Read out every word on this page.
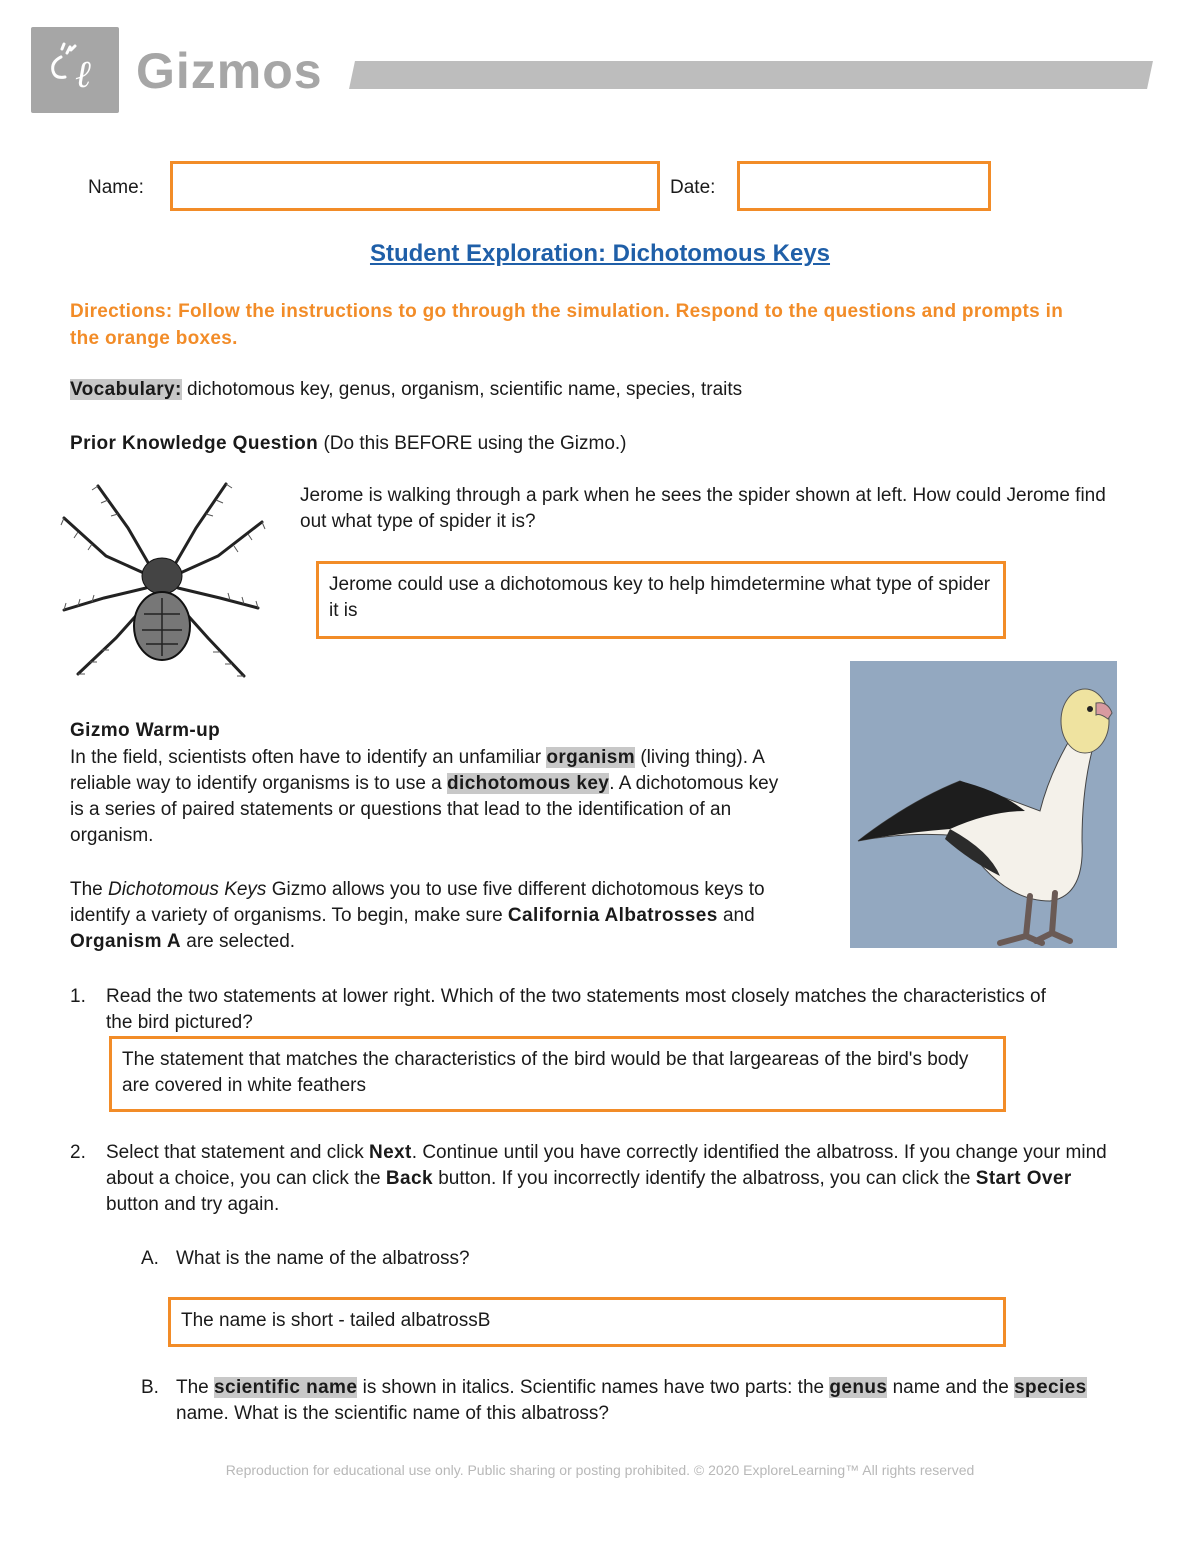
ℓ Gizmos
Name:	Date:
Student Exploration: Dichotomous Keys
Directions: Follow the instructions to go through the simulation. Respond to the questions and prompts in the orange boxes.
Vocabulary: dichotomous key, genus, organism, scientific name, species, traits
Prior Knowledge Question (Do this BEFORE using the Gizmo.)
Jerome is walking through a park when he sees the spider shown at left. How could Jerome find out what type of spider it is?
Jerome could use a dichotomous key to help himdetermine what type of spider it is
Gizmo Warm-up
In the field, scientists often have to identify an unfamiliar organism (living thing). A reliable way to identify organisms is to use a dichotomous key. A dichotomous key is a series of paired statements or questions that lead to the identification of an organism.
The Dichotomous Keys Gizmo allows you to use five different dichotomous keys to identify a variety of organisms. To begin, make sure California Albatrosses and Organism A are selected.
1. Read the two statements at lower right. Which of the two statements most closely matches the characteristics of the bird pictured?
The statement that matches the characteristics of the bird would be that largeareas of the bird's body are covered in white feathers
2. Select that statement and click Next. Continue until you have correctly identified the albatross. If you change your mind about a choice, you can click the Back button. If you incorrectly identify the albatross, you can click the Start Over button and try again.
A. What is the name of the albatross?
The name is short - tailed albatrossB
B. The scientific name is shown in italics. Scientific names have two parts: the genus name and the species name. What is the scientific name of this albatross?
Reproduction for educational use only. Public sharing or posting prohibited. © 2020 ExploreLearning™ All rights reserved
